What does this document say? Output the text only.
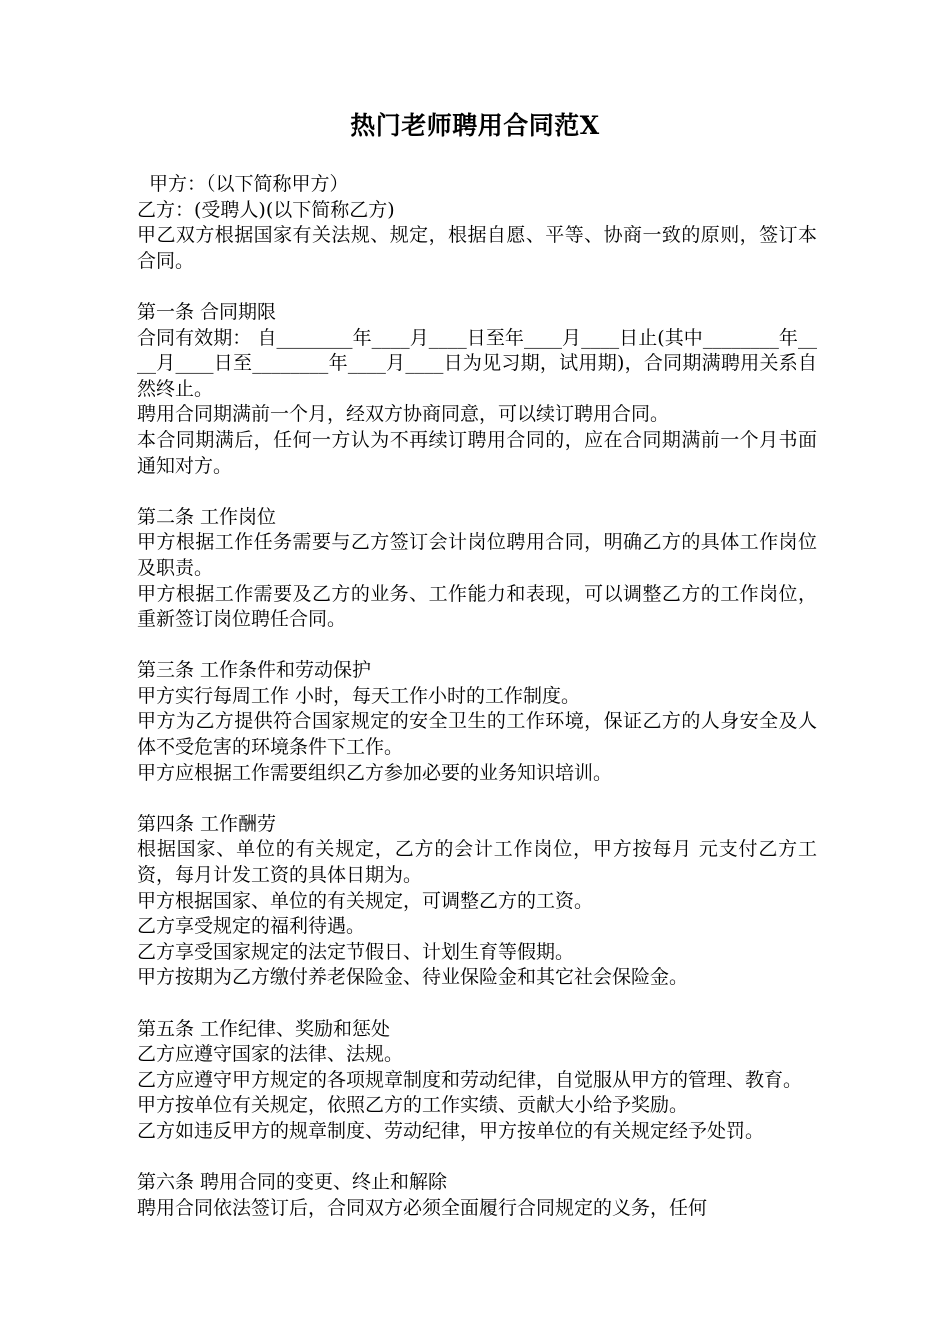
热门老师聘用合同范X

甲方：（以下简称甲方）

乙方：(受聘人)(以下简称乙方)

甲乙双方根据国家有关法规、规定，根据自愿、平等、协商一致的原则，签订本合同。

第一条 合同期限

合同有效期： 自________年____月____日至年____月____日止(其中________年____月____日至________年____月____日为见习期，试用期)，合同期满聘用关系自然终止。

聘用合同期满前一个月，经双方协商同意，可以续订聘用合同。

本合同期满后，任何一方认为不再续订聘用合同的，应在合同期满前一个月书面通知对方。

第二条 工作岗位

甲方根据工作任务需要与乙方签订会计岗位聘用合同，明确乙方的具体工作岗位及职责。

甲方根据工作需要及乙方的业务、工作能力和表现，可以调整乙方的工作岗位，重新签订岗位聘任合同。

第三条 工作条件和劳动保护

甲方实行每周工作 小时，每天工作小时的工作制度。

甲方为乙方提供符合国家规定的安全卫生的工作环境，保证乙方的人身安全及人体不受危害的环境条件下工作。

甲方应根据工作需要组织乙方参加必要的业务知识培训。

第四条 工作酬劳

根据国家、单位的有关规定，乙方的会计工作岗位，甲方按每月 元支付乙方工资，每月计发工资的具体日期为。

甲方根据国家、单位的有关规定，可调整乙方的工资。

乙方享受规定的福利待遇。

乙方享受国家规定的法定节假日、计划生育等假期。

甲方按期为乙方缴付养老保险金、待业保险金和其它社会保险金。

第五条 工作纪律、奖励和惩处

乙方应遵守国家的法律、法规。

乙方应遵守甲方规定的各项规章制度和劳动纪律，自觉服从甲方的管理、教育。

甲方按单位有关规定，依照乙方的工作实绩、贡献大小给予奖励。

乙方如违反甲方的规章制度、劳动纪律，甲方按单位的有关规定经予处罚。

第六条 聘用合同的变更、终止和解除

聘用合同依法签订后，合同双方必须全面履行合同规定的义务，任何
